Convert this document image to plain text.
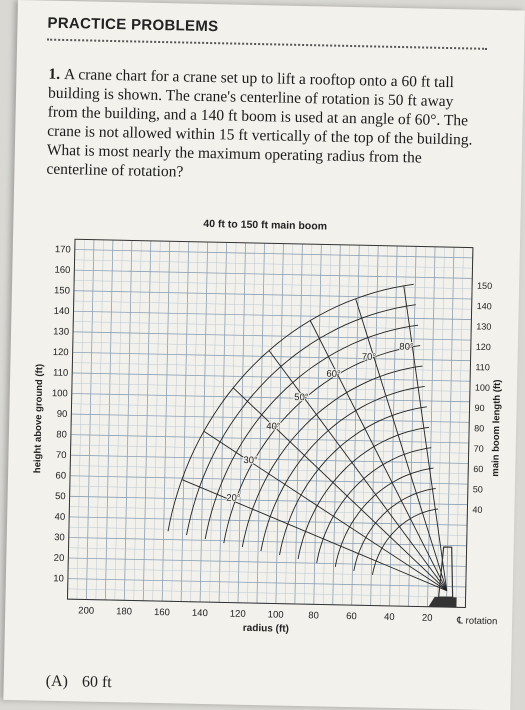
PRACTICE PROBLEMS
1. A crane chart for a crane set up to lift a rooftop onto a 60 ft tall building is shown. The crane's centerline of rotation is 50 ft away from the building, and a 140 ft boom is used at an angle of 60°. The crane is not allowed within 15 ft vertically of the top of the building. What is most nearly the maximum operating radius from the centerline of rotation?
40 ft to 150 ft main boom
150
140
130
120
110
100
90
80
70
60
50
40
20°
30°
40°
50°
60°
70°
80°
170
160
150
140
130
120
110
100
90
80
70
60
50
40
30
20
10
200 180 160 140 120 100	80	60	40	20
radius (ft)
height above ground (ft)	main boom length (ft)
℄ rotation
(A) 60 ft
